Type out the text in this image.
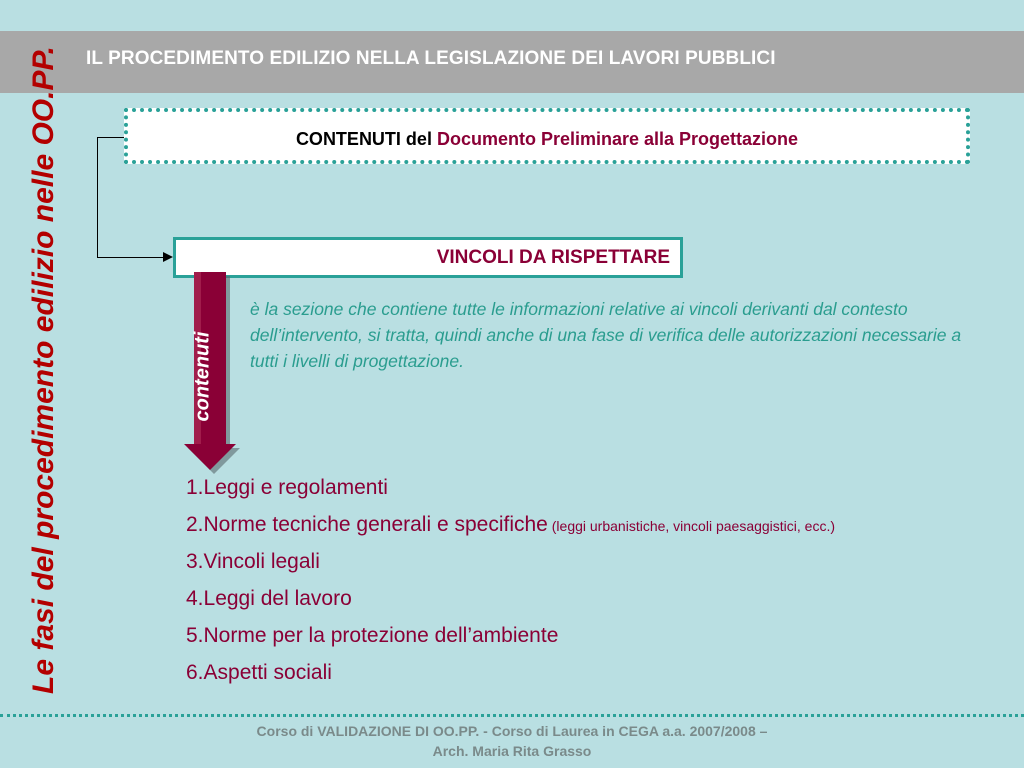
IL PROCEDIMENTO EDILIZIO NELLA LEGISLAZIONE DEI LAVORI PUBBLICI
Le fasi del procedimento edilizio nelle OO.PP.	CONTENUTI del Documento Preliminare alla Progettazione
VINCOLI DA RISPETTARE
contenuti
è la sezione che contiene tutte le informazioni relative ai vincoli derivanti dal contesto dell’intervento, si tratta, quindi anche di una fase di verifica delle autorizzazioni necessarie a tutti i livelli di progettazione.
1.Leggi e regolamenti
2.Norme tecniche generali e specifiche (leggi urbanistiche, vincoli paesaggistici, ecc.)
3.Vincoli legali
4.Leggi del lavoro
5.Norme per la protezione dell’ambiente
6.Aspetti sociali
Corso di VALIDAZIONE DI OO.PP. - Corso di Laurea in CEGA a.a. 2007/2008 –
Arch. Maria Rita Grasso
